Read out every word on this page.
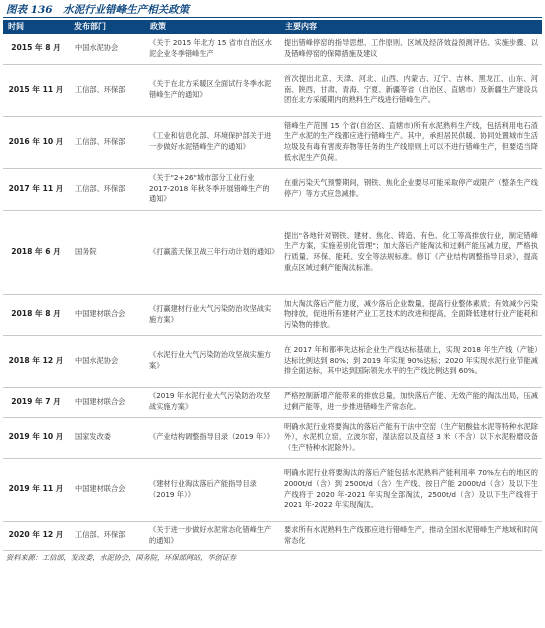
图表 136　水泥行业错峰生产相关政策
时间	发布部门	政策	主要内容
2015 年 8 月	中国水泥协会	《关于 2015 年北方 15 省市自治区水泥企业冬季错峰生产	提出错峰停窑的指导思想、工作原则、区域及经济效益预测评估、实施步骤、以及错峰停窑的保障措施及建议
2015 年 11 月	工信部、环保部	《关于在北方采暖区全面试行冬季水泥错峰生产的通知》	首次提出北京、天津、河北、山西、内蒙古、辽宁、吉林、黑龙江、山东、河南、陕西、甘肃、青海、宁夏、新疆等省（自治区、直辖市）及新疆生产建设兵团在北方采暖期内的熟料生产线进行错峰生产。
2016 年 10 月	工信部、环保部	《工业和信息化部、环境保护部关于进一步做好水泥错峰生产的通知》	错峰生产范围 15 个省(自治区、直辖市)所有水泥熟料生产线，包括利用电石渣生产水泥的生产线都应进行错峰生产。其中，承担居民供暖、协同处置城市生活垃圾及有毒有害废弃物等任务的生产线原则上可以不进行错峰生产，但要适当降低水泥生产负荷。
2017 年 11 月	工信部、环保部	《关于"2+26"城市部分工业行业 2017-2018 年秋冬季开展错峰生产的通知》	在重污染天气预警期间，钢铁、焦化企业要尽可能采取停产或限产（整条生产线停产）等方式应急减排。
2018 年 6 月	国务院	《打赢蓝天保卫战三年行动计划的通知》	提出"各地针对钢铁、建材、焦化、铸造、有色、化工等高排放行业，制定错峰生产方案，实施差别化管理"；加大落后产能淘汰和过剩产能压减力度，严格执行质量、环保、能耗、安全等法规标准。修订《产业结构调整指导目录》，提高重点区域过剩产能淘汰标准。
2018 年 8 月	中国建材联合会	《打赢建材行业大气污染防治攻坚战实施方案》	加大淘汰落后产能力度，减少落后企业数量，提高行业整体素质；有效减少污染物排放，促进所有建材产业工艺技术的改进和提高，全面降低建材行业产能耗和污染物的排放。
2018 年 12 月	中国水泥协会	《水泥行业大气污染防治攻坚战实施方案》	在 2017 年和都率先达标企业生产线达标基础上，实现 2018 年生产线（产能）达标比例达到 80%；到 2019 年实现 90%达标；2020 年实现水泥行业节能减排全面达标，其中达到国际领先水平的生产线比例达到 60%。
2019 年 7 月	中国建材联合会	《2019 年水泥行业大气污染防治攻坚战实施方案》	严格控制新增产能带来的排放总量，加快落后产能、无效产能的淘汰出局，压减过剩产能等，进一步推进错峰生产常态化。
2019 年 10 月	国家发改委	《产业结构调整指导目录（2019 年）》	明确水泥行业将要淘汰的落后产能有干法中空窑（生产铝酸盐水泥等特种水泥除外），水泥机立窑，立波尔窑，湿法窑以及直径 3 米（不含）以下水泥粉磨设备（生产特种水泥除外）。
2019 年 11 月	中国建材联合会	《建材行业淘汰落后产能指导目录（2019 年）》	明确水泥行业将要淘汰的落后产能包括水泥熟料产能利用率 70%左右的地区的 2000t/d（含）到 2500t/d（含）生产线、按日产能 2000t/d（含）及以下生产线将于 2020 年-2021 年实现全部淘汰，2500t/d（含）及以下生产线将于 2021 年-2022 年实现淘汰。
2020 年 12 月	工信部、环保部	《关于进一步做好水泥常态化错峰生产的通知》	要求所有水泥熟料生产线都应进行错峰生产，推动全国水泥错峰生产地域和时间常态化
资料来源：工信部，发改委，水泥协会，国务院，环保部网站，华创证券
